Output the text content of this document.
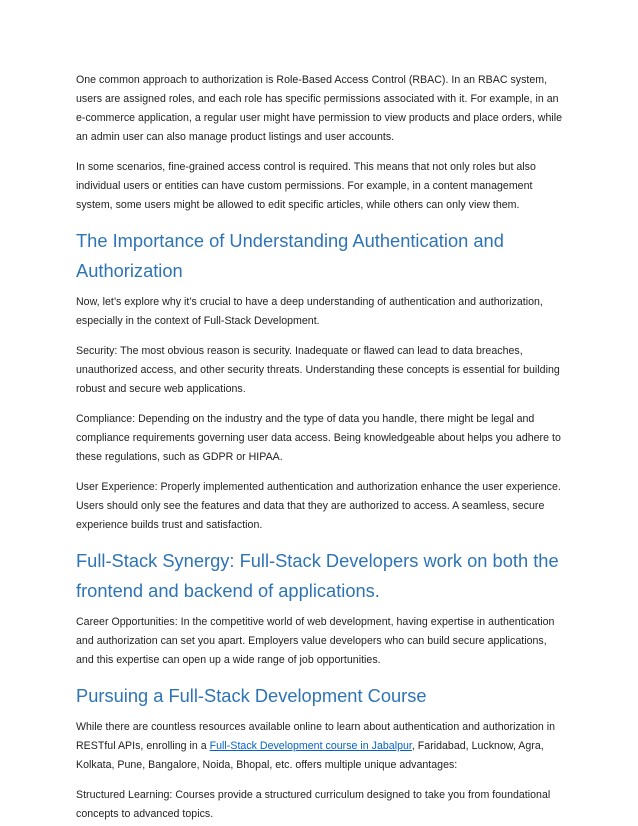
One common approach to authorization is Role-Based Access Control (RBAC). In an RBAC system, users are assigned roles, and each role has specific permissions associated with it. For example, in an e-commerce application, a regular user might have permission to view products and place orders, while an admin user can also manage product listings and user accounts.

In some scenarios, fine-grained access control is required. This means that not only roles but also individual users or entities can have custom permissions. For example, in a content management system, some users might be allowed to edit specific articles, while others can only view them.

The Importance of Understanding Authentication and Authorization

Now, let’s explore why it’s crucial to have a deep understanding of authentication and authorization, especially in the context of Full-Stack Development.

Security: The most obvious reason is security. Inadequate or flawed can lead to data breaches, unauthorized access, and other security threats. Understanding these concepts is essential for building robust and secure web applications.

Compliance: Depending on the industry and the type of data you handle, there might be legal and compliance requirements governing user data access. Being knowledgeable about helps you adhere to these regulations, such as GDPR or HIPAA.

User Experience: Properly implemented authentication and authorization enhance the user experience. Users should only see the features and data that they are authorized to access. A seamless, secure experience builds trust and satisfaction.

Full-Stack Synergy: Full-Stack Developers work on both the frontend and backend of applications.

Career Opportunities: In the competitive world of web development, having expertise in authentication and authorization can set you apart. Employers value developers who can build secure applications, and this expertise can open up a wide range of job opportunities.

Pursuing a Full-Stack Development Course

While there are countless resources available online to learn about authentication and authorization in RESTful APIs, enrolling in a Full-Stack Development course in Jabalpur, Faridabad, Lucknow, Agra, Kolkata, Pune, Bangalore, Noida, Bhopal, etc. offers multiple unique advantages:

Structured Learning: Courses provide a structured curriculum designed to take you from foundational concepts to advanced topics.
